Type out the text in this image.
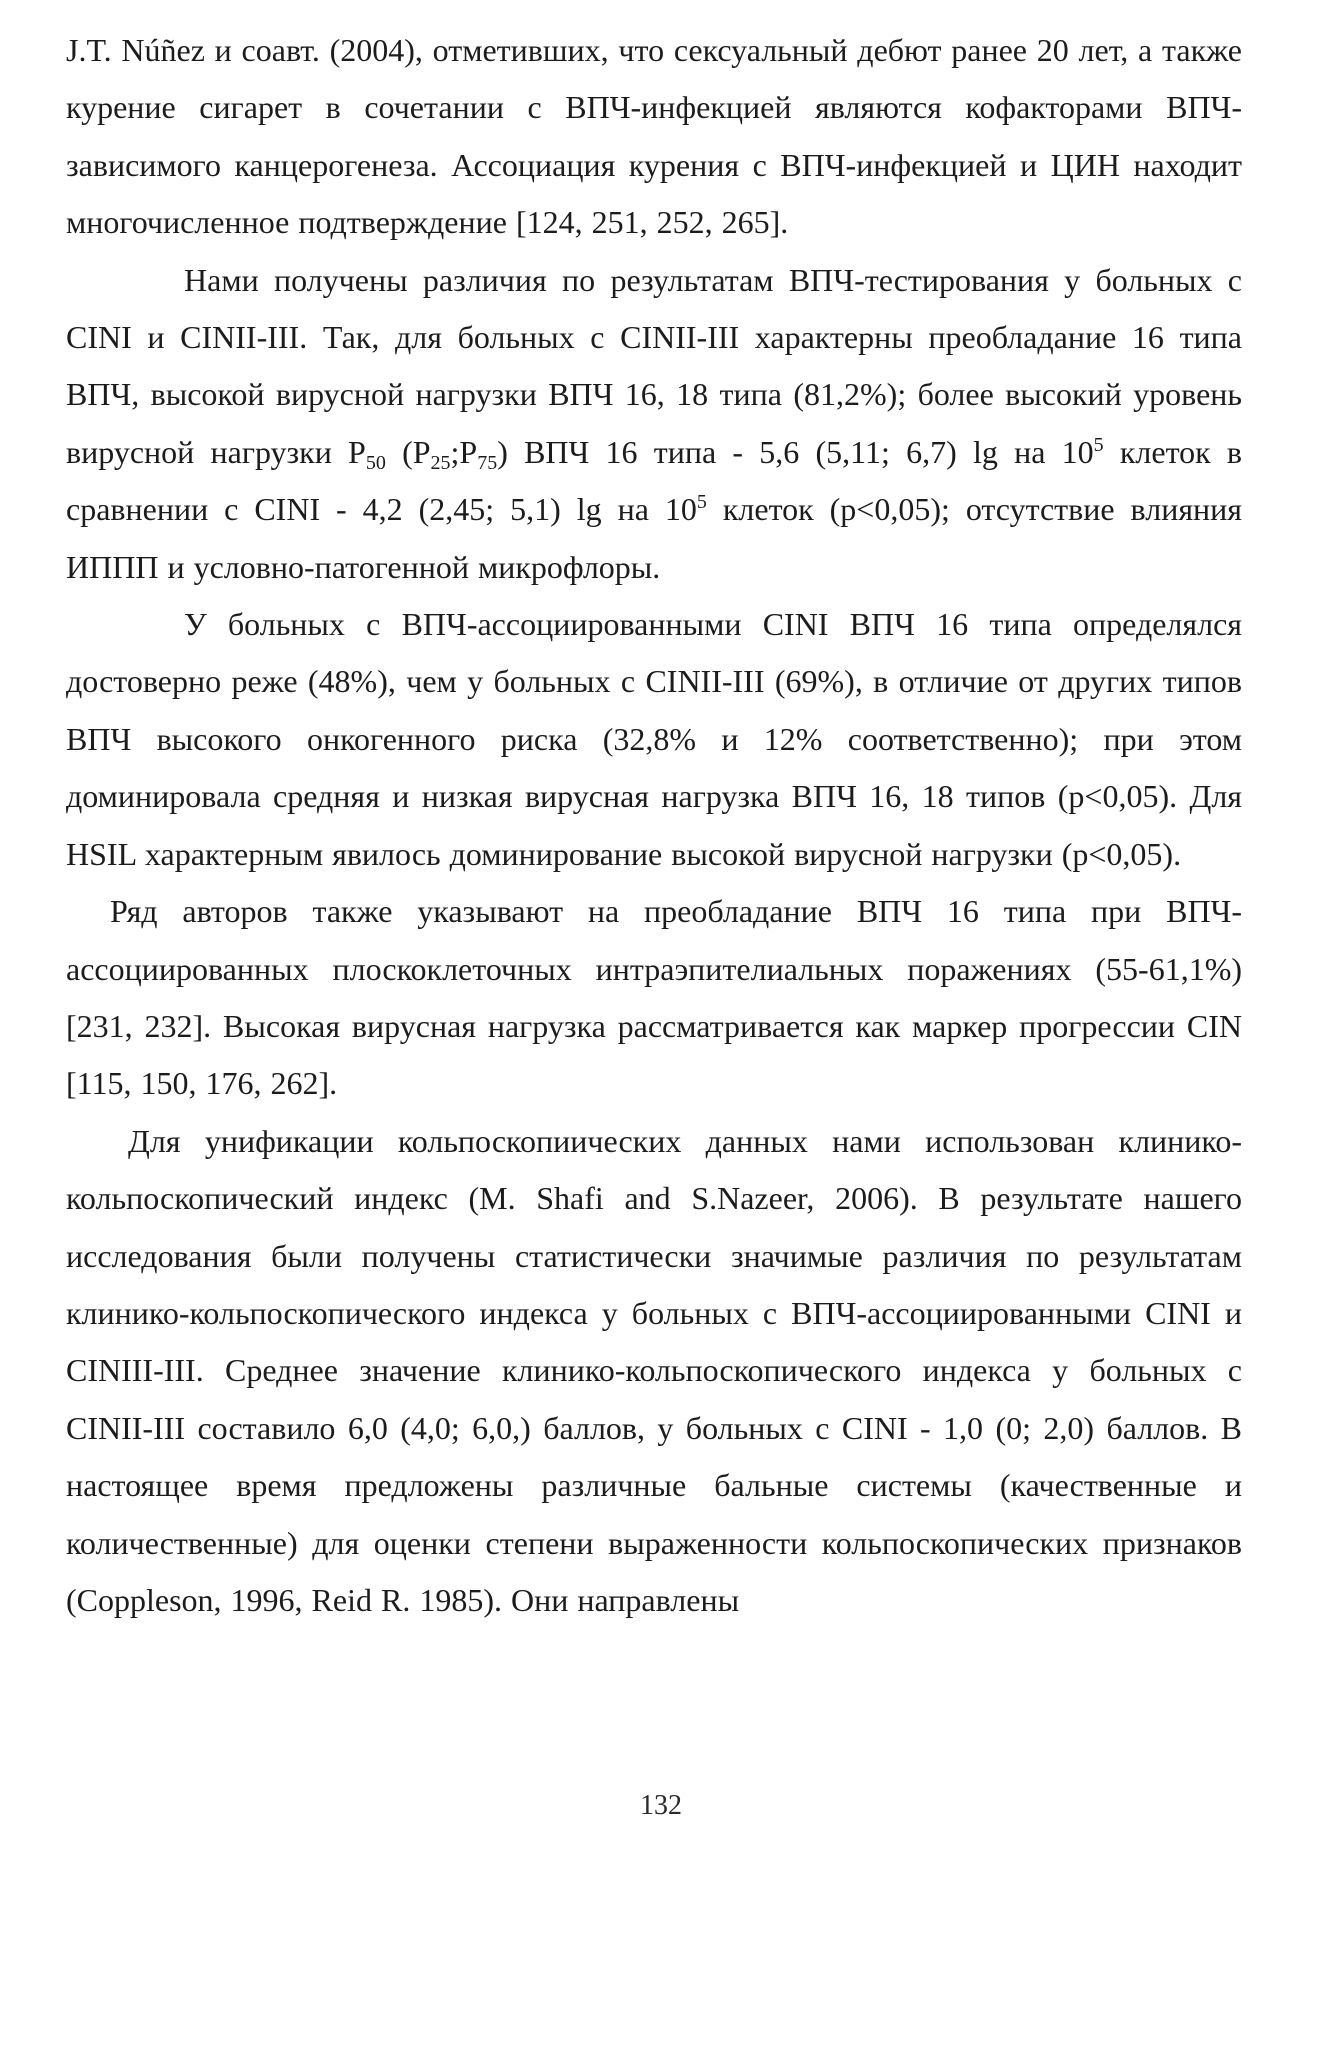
J.T. Núñez и соавт. (2004), отметивших, что сексуальный дебют ранее 20 лет, а также курение сигарет в сочетании с ВПЧ-инфекцией являются кофакторами ВПЧ-зависимого канцерогенеза. Ассоциация курения с ВПЧ-инфекцией и ЦИН находит многочисленное подтверждение [124, 251, 252, 265].

Нами получены различия по результатам ВПЧ-тестирования у больных с CINI и CINII-III. Так, для больных с CINII-III характерны преобладание 16 типа ВПЧ, высокой вирусной нагрузки ВПЧ 16, 18 типа (81,2%); более высокий уровень вирусной нагрузки $P_{50}$ $(P_{25};P_{75})$ ВПЧ 16 типа - 5,6 (5,11; 6,7) lg на $10^5$ клеток в сравнении с CINI - 4,2 (2,45; 5,1) lg на $10^5$ клеток (p<0,05); отсутствие влияния ИППП и условно-патогенной микрофлоры.

У больных с ВПЧ-ассоциированными CINI ВПЧ 16 типа определялся достоверно реже (48%), чем у больных с CINII-III (69%), в отличие от других типов ВПЧ высокого онкогенного риска (32,8% и 12% соответственно); при этом доминировала средняя и низкая вирусная нагрузка ВПЧ 16, 18 типов (p<0,05). Для HSIL характерным явилось доминирование высокой вирусной нагрузки (p<0,05).

Ряд авторов также указывают на преобладание ВПЧ 16 типа при ВПЧ-ассоциированных плоскоклеточных интраэпителиальных поражениях (55-61,1%) [231, 232]. Высокая вирусная нагрузка рассматривается как маркер прогрессии CIN [115, 150, 176, 262].

Для унификации кольпоскопиических данных нами использован клинико-кольпоскопический индекс (M. Shafi and S.Nazeer, 2006). В результате нашего исследования были получены статистически значимые различия по результатам клинико-кольпоскопического индекса у больных с ВПЧ-ассоциированными CINI и CINIII-III. Среднее значение клинико-кольпоскопического индекса у больных с CINII-III составило 6,0 (4,0; 6,0,) баллов, у больных с CINI - 1,0 (0; 2,0) баллов. В настоящее время предложены различные бальные системы (качественные и количественные) для оценки степени выраженности кольпоскопических признаков (Coppleson, 1996, Reid R. 1985). Они направлены

132
